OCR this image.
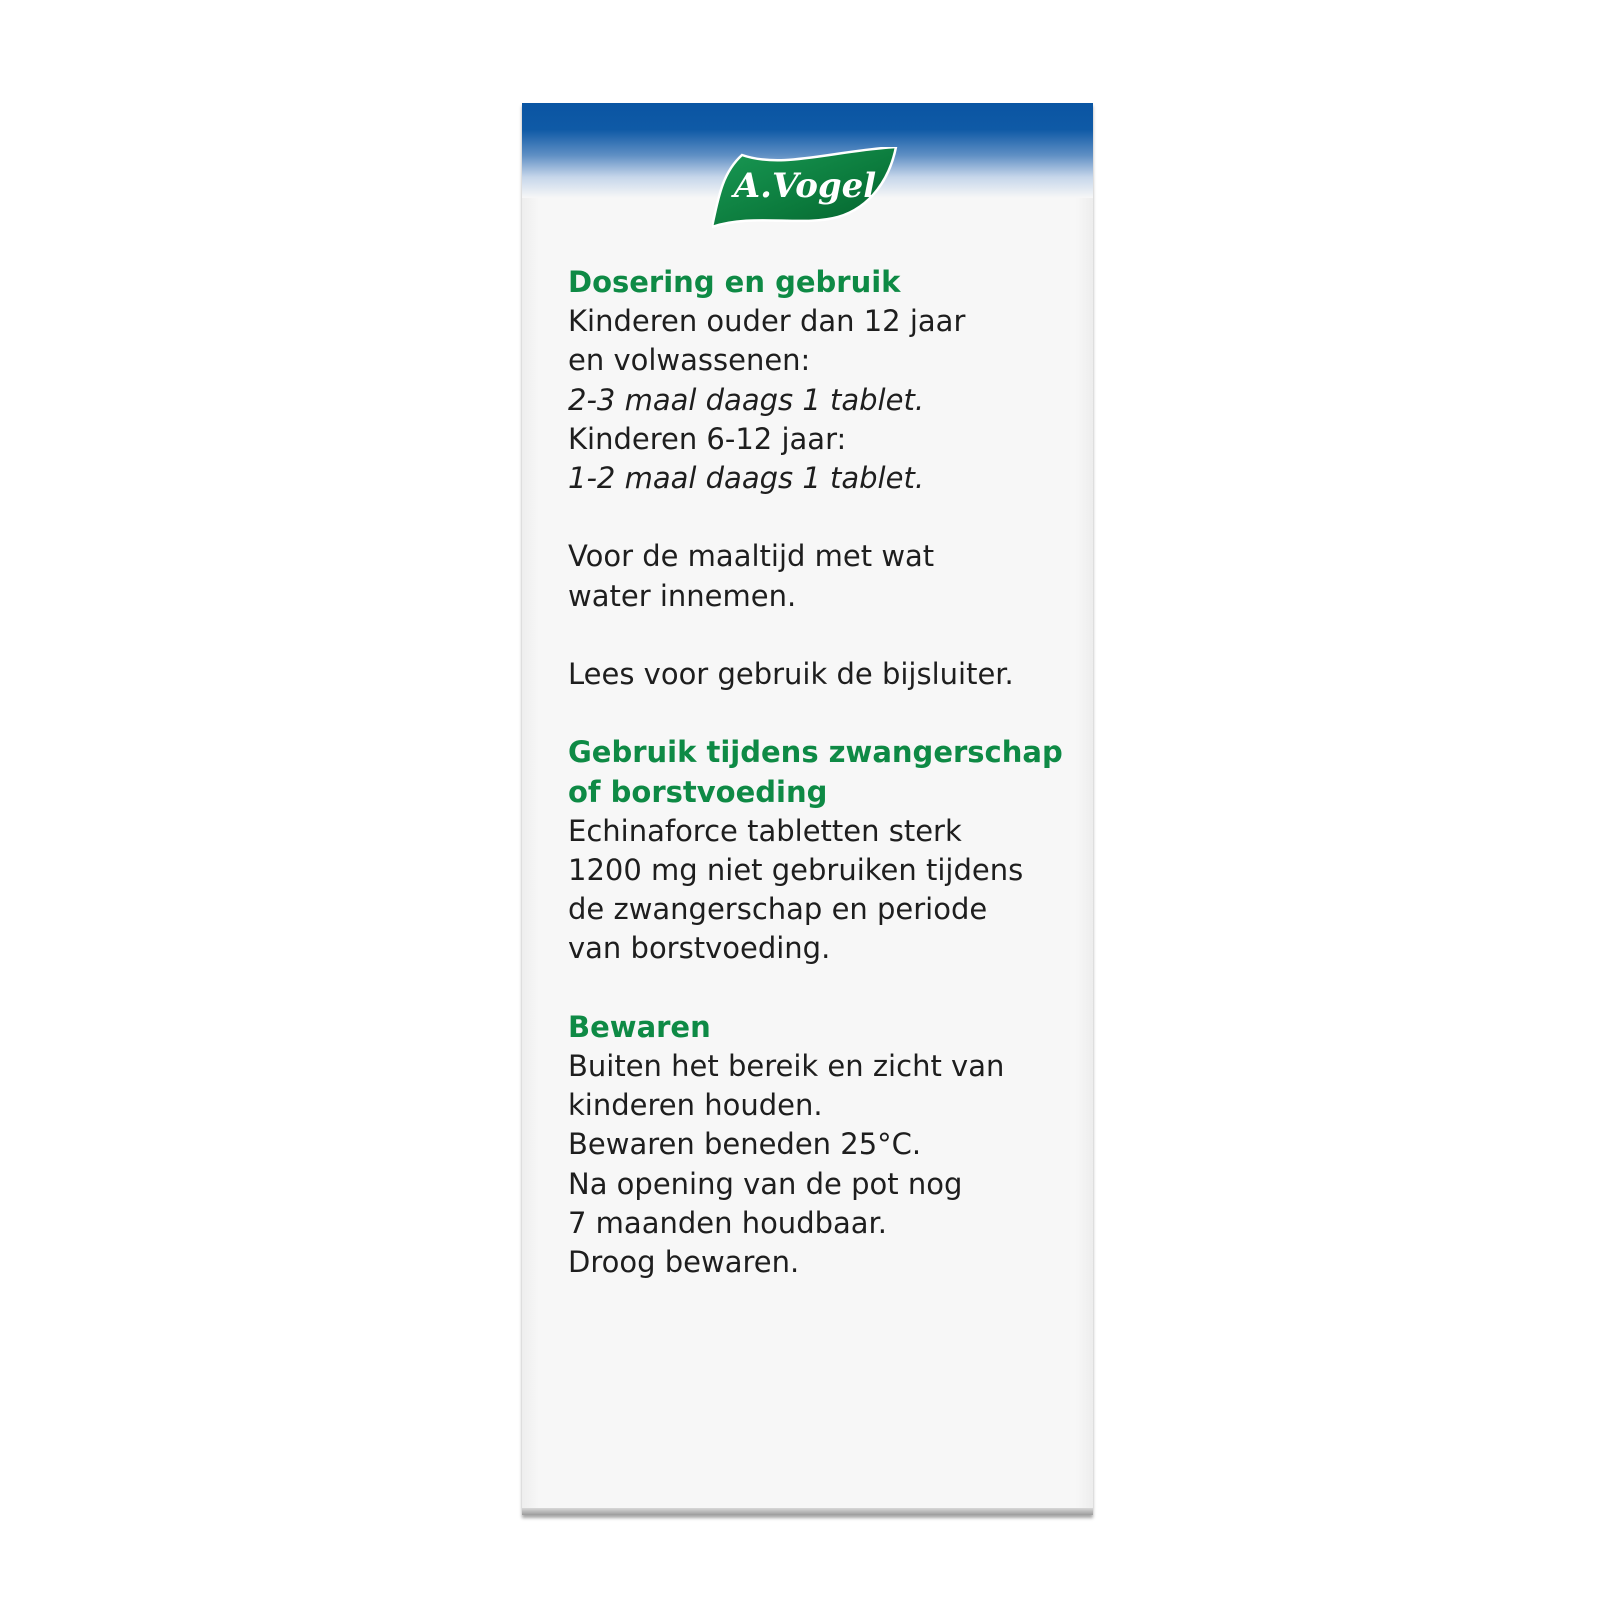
A.Vogel

Dosering en gebruik

Kinderen ouder dan 12 jaar

en volwassenen:

2-3 maal daags 1 tablet.

Kinderen 6-12 jaar:

1-2 maal daags 1 tablet.

Voor de maaltijd met wat

water innemen.

Lees voor gebruik de bijsluiter.

Gebruik tijdens zwangerschap

of borstvoeding

Echinaforce tabletten sterk

1200 mg niet gebruiken tijdens

de zwangerschap en periode

van borstvoeding.

Bewaren

Buiten het bereik en zicht van

kinderen houden.

Bewaren beneden 25°C.

Na opening van de pot nog

7 maanden houdbaar.

Droog bewaren.
